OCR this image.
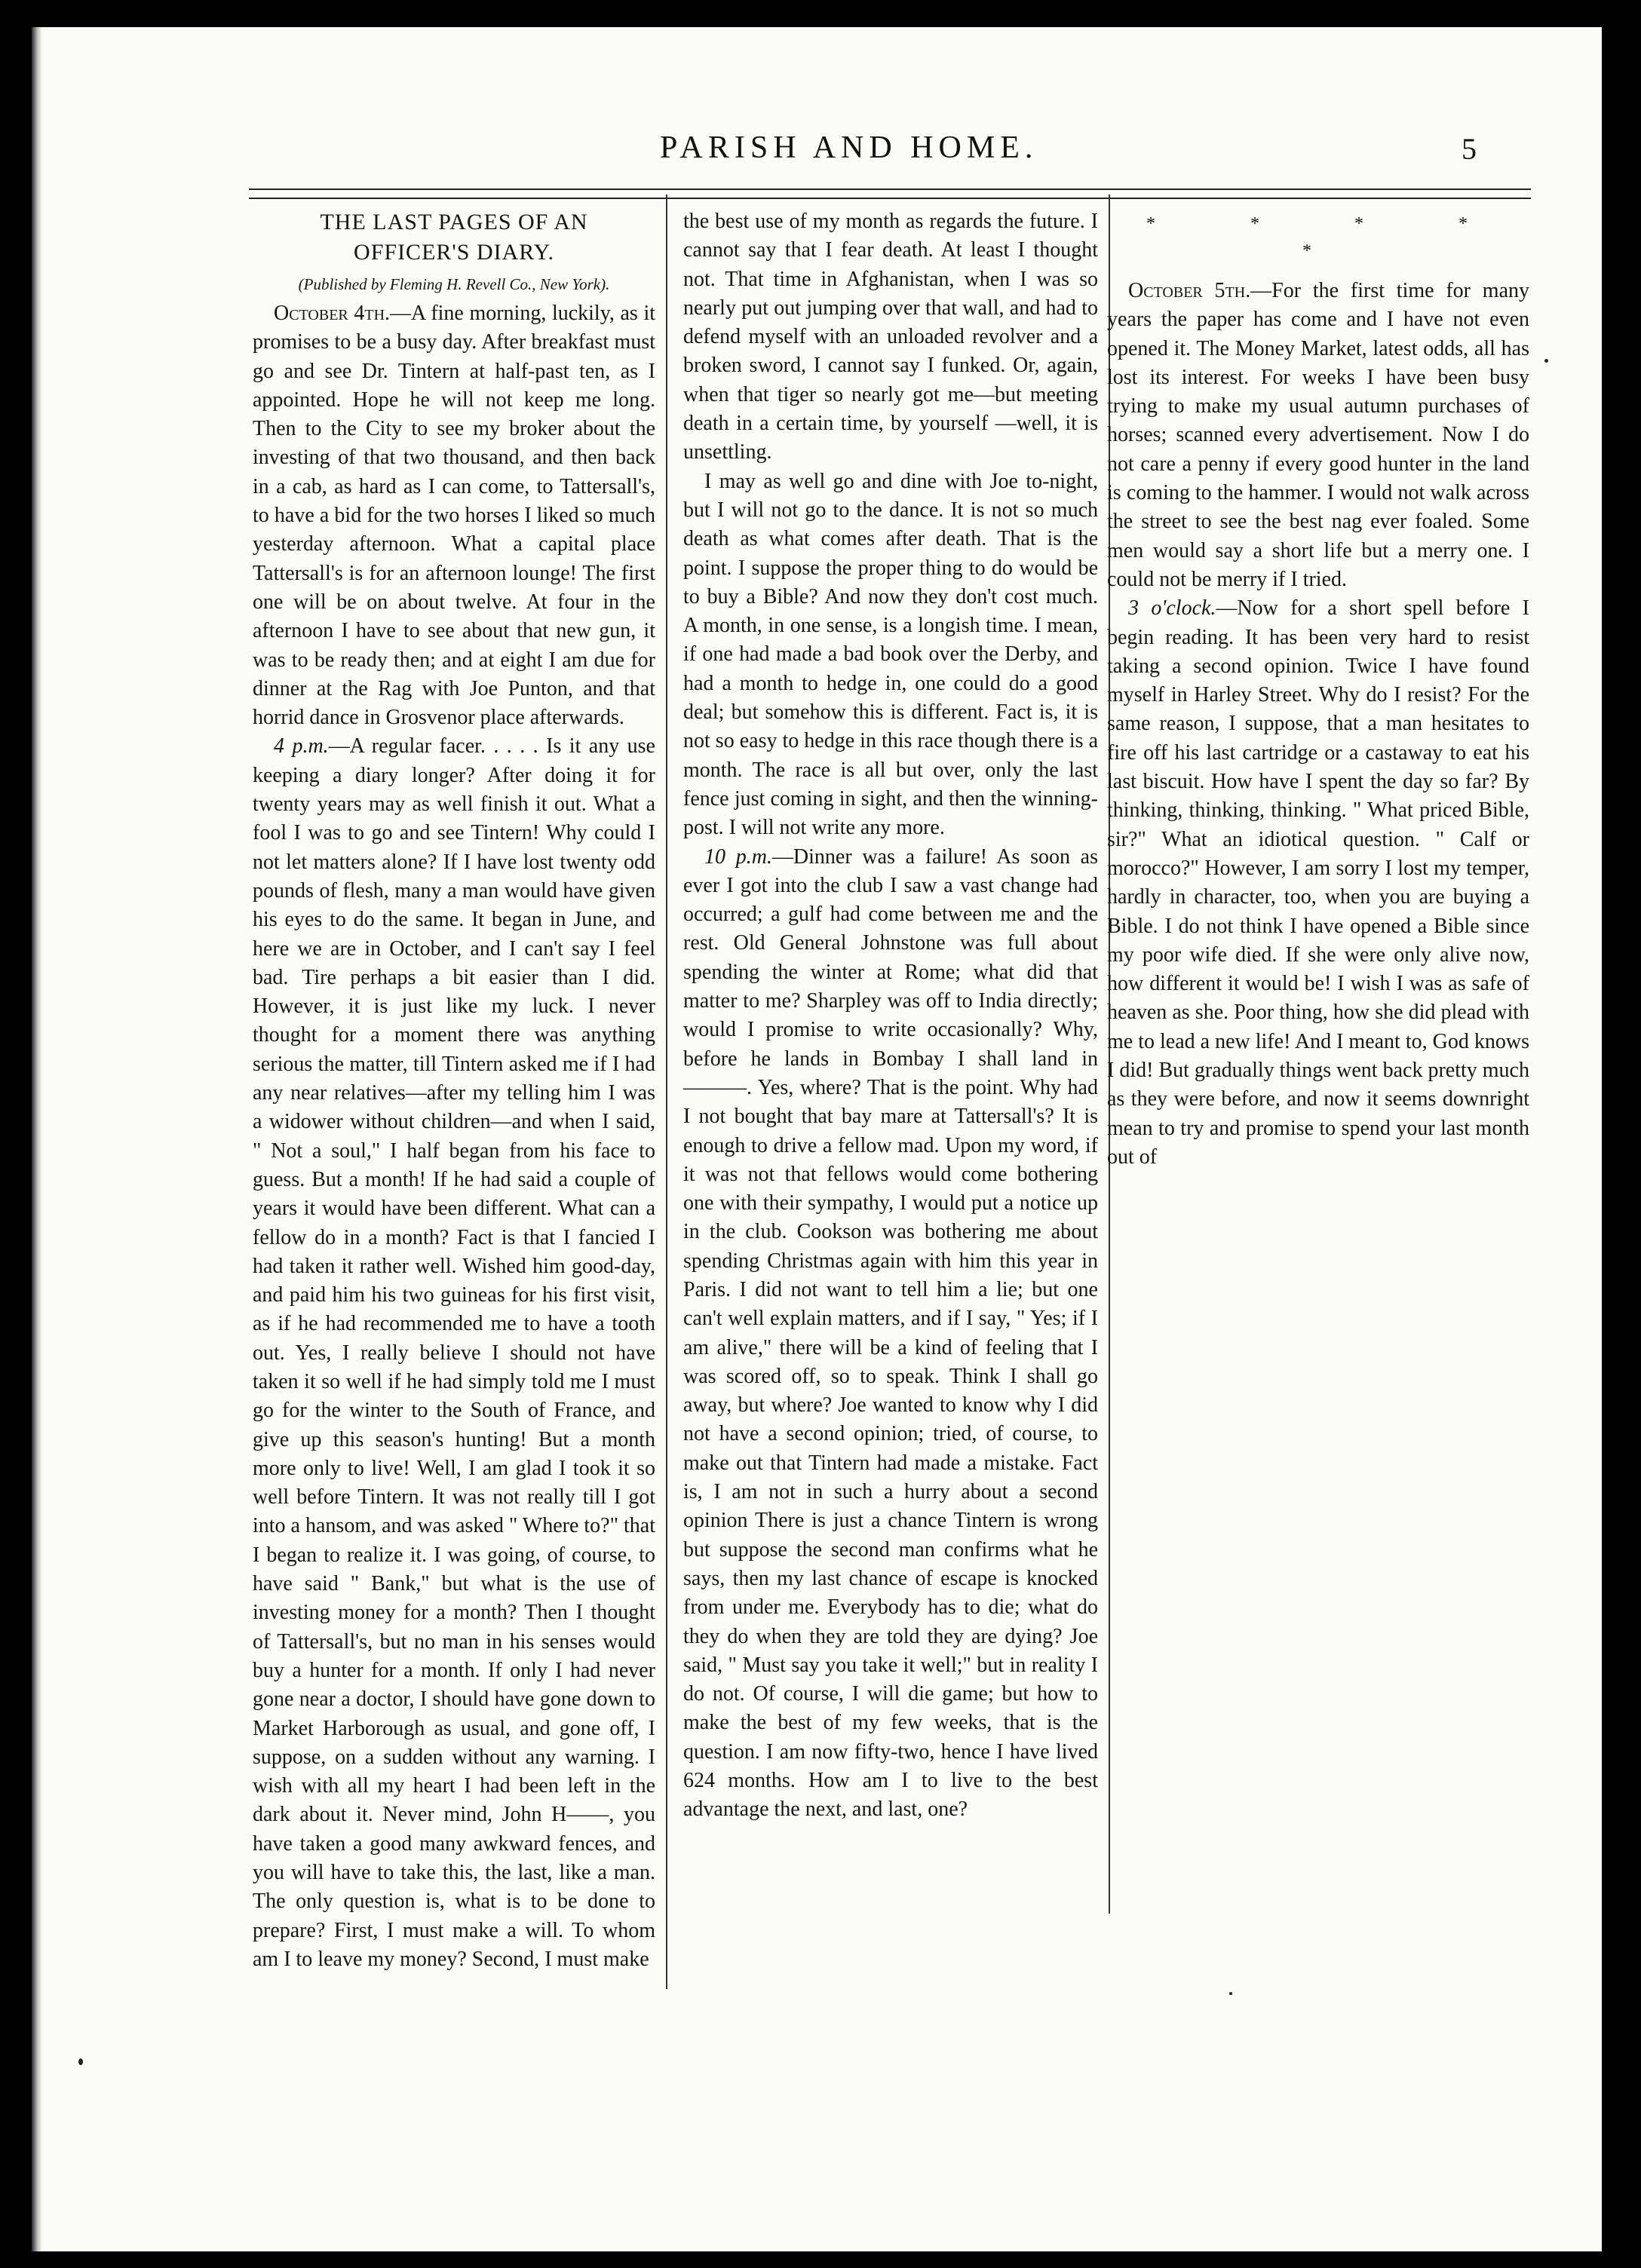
PARISH AND HOME.	5
THE LAST PAGES OF AN
OFFICER'S DIARY.
(Published by Fleming H. Revell Co., New York).

October 4th.—A fine morning, luckily, as it promises to be a busy day. After breakfast must go and see Dr. Tintern at half-past ten, as I appointed. Hope he will not keep me long. Then to the City to see my broker about the investing of that two thousand, and then back in a cab, as hard as I can come, to Tattersall's, to have a bid for the two horses I liked so much yesterday afternoon. What a capital place Tattersall's is for an afternoon lounge! The first one will be on about twelve. At four in the afternoon I have to see about that new gun, it was to be ready then; and at eight I am due for dinner at the Rag with Joe Punton, and that horrid dance in Grosvenor place afterwards.

4 p.m.—A regular facer. . . . . Is it any use keeping a diary longer? After doing it for twenty years may as well finish it out. What a fool I was to go and see Tintern! Why could I not let matters alone? If I have lost twenty odd pounds of flesh, many a man would have given his eyes to do the same. It began in June, and here we are in October, and I can't say I feel bad. Tire perhaps a bit easier than I did. However, it is just like my luck. I never thought for a moment there was anything serious the matter, till Tintern asked me if I had any near relatives—after my telling him I was a widower without children—and when I said, " Not a soul," I half began from his face to guess. But a month! If he had said a couple of years it would have been different. What can a fellow do in a month? Fact is that I fancied I had taken it rather well. Wished him good-day, and paid him his two guineas for his first visit, as if he had recommended me to have a tooth out. Yes, I really believe I should not have taken it so well if he had simply told me I must go for the winter to the South of France, and give up this season's hunting! But a month more only to live! Well, I am glad I took it so well before Tintern. It was not really till I got into a hansom, and was asked " Where to?" that I began to realize it. I was going, of course, to have said " Bank," but what is the use of investing money for a month? Then I thought of Tattersall's, but no man in his senses would buy a hunter for a month. If only I had never gone near a doctor, I should have gone down to Market Harborough as usual, and gone off, I suppose, on a sudden without any warning. I wish with all my heart I had been left in the dark about it. Never mind, John H——, you have taken a good many awkward fences, and you will have to take this, the last, like a man. The only question is, what is to be done to prepare? First, I must make a will. To whom am I to leave my money? Second, I must make

the best use of my month as regards the future. I cannot say that I fear death. At least I thought not. That time in Afghanistan, when I was so nearly put out jumping over that wall, and had to defend myself with an unloaded revolver and a broken sword, I cannot say I funked. Or, again, when that tiger so nearly got me—but meeting death in a certain time, by yourself —well, it is unsettling.

I may as well go and dine with Joe to-night, but I will not go to the dance. It is not so much death as what comes after death. That is the point. I suppose the proper thing to do would be to buy a Bible? And now they don't cost much. A month, in one sense, is a longish time. I mean, if one had made a bad book over the Derby, and had a month to hedge in, one could do a good deal; but somehow this is different. Fact is, it is not so easy to hedge in this race though there is a month. The race is all but over, only the last fence just coming in sight, and then the winning-post. I will not write any more.

10 p.m.—Dinner was a failure! As soon as ever I got into the club I saw a vast change had occurred; a gulf had come between me and the rest. Old General Johnstone was full about spending the winter at Rome; what did that matter to me? Sharpley was off to India directly; would I promise to write occasionally? Why, before he lands in Bombay I shall land in ———. Yes, where? That is the point. Why had I not bought that bay mare at Tattersall's? It is enough to drive a fellow mad. Upon my word, if it was not that fellows would come bothering one with their sympathy, I would put a notice up in the club. Cookson was bothering me about spending Christmas again with him this year in Paris. I did not want to tell him a lie; but one can't well explain matters, and if I say, " Yes; if I am alive," there will be a kind of feeling that I was scored off, so to speak. Think I shall go away, but where? Joe wanted to know why I did not have a second opinion; tried, of course, to make out that Tintern had made a mistake. Fact is, I am not in such a hurry about a second opinion There is just a chance Tintern is wrong but suppose the second man confirms what he says, then my last chance of escape is knocked from under me. Everybody has to die; what do they do when they are told they are dying? Joe said, " Must say you take it well;" but in reality I do not. Of course, I will die game; but how to make the best of my few weeks, that is the question. I am now fifty-two, hence I have lived 624 months. How am I to live to the best advantage the next, and last, one?

* * * * *

October 5th.—For the first time for many years the paper has come and I have not even opened it. The Money Market, latest odds, all has lost its interest. For weeks I have been busy trying to make my usual autumn purchases of horses; scanned every advertisement. Now I do not care a penny if every good hunter in the land is coming to the hammer. I would not walk across the street to see the best nag ever foaled. Some men would say a short life but a merry one. I could not be merry if I tried.

3 o'clock.—Now for a short spell before I begin reading. It has been very hard to resist taking a second opinion. Twice I have found myself in Harley Street. Why do I resist? For the same reason, I suppose, that a man hesitates to fire off his last cartridge or a castaway to eat his last biscuit. How have I spent the day so far? By thinking, thinking, thinking. " What priced Bible, sir?" What an idiotical question. " Calf or morocco?" However, I am sorry I lost my temper, hardly in character, too, when you are buying a Bible. I do not think I have opened a Bible since my poor wife died. If she were only alive now, how different it would be! I wish I was as safe of heaven as she. Poor thing, how she did plead with me to lead a new life! And I meant to, God knows I did! But gradually things went back pretty much as they were before, and now it seems downright mean to try and promise to spend your last month out of
